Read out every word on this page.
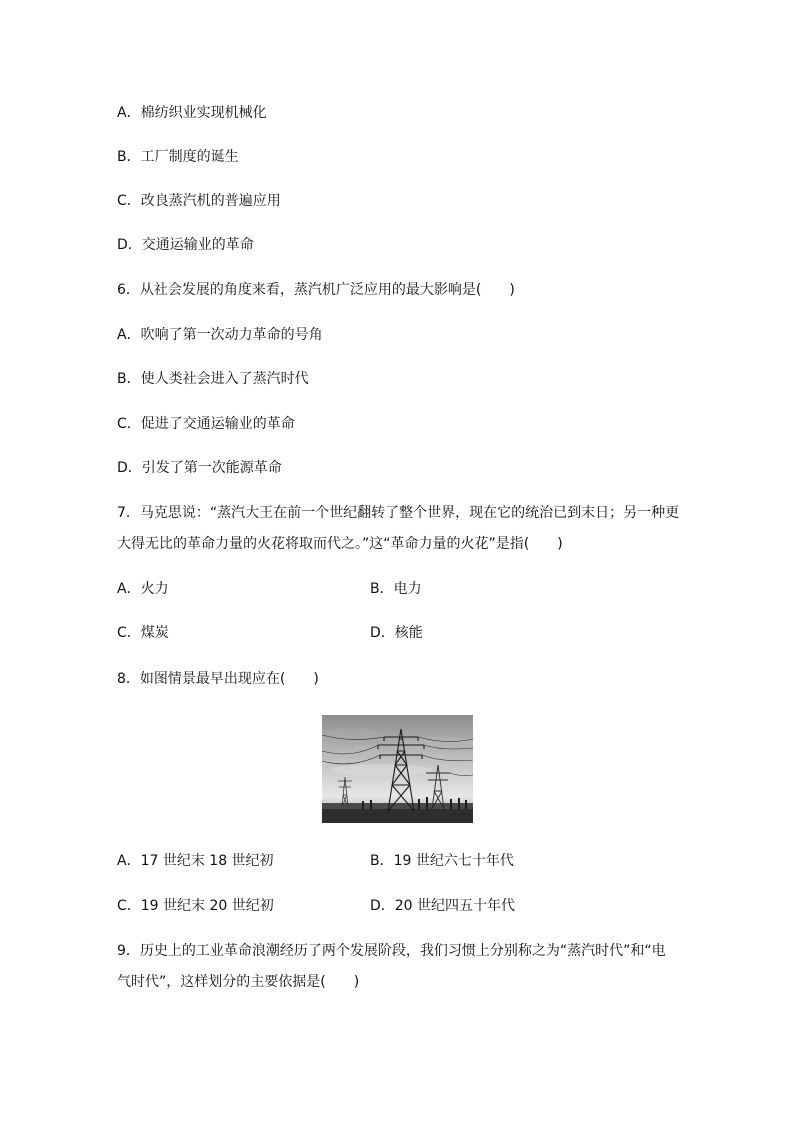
A．棉纺织业实现机械化
B．工厂制度的诞生
C．改良蒸汽机的普遍应用
D．交通运输业的革命
6．从社会发展的角度来看，蒸汽机广泛应用的最大影响是(　　)
A．吹响了第一次动力革命的号角
B．使人类社会进入了蒸汽时代
C．促进了交通运输业的革命
D．引发了第一次能源革命
7．马克思说：“蒸汽大王在前一个世纪翻转了整个世界，现在它的统治已到末日；另一种更
大得无比的革命力量的火花将取而代之。”这“革命力量的火花”是指(　　)
A．火力	B．电力
C．煤炭	D．核能
8．如图情景最早出现应在(　　)
A．17 世纪末 18 世纪初	B．19 世纪六七十年代
C．19 世纪末 20 世纪初	D．20 世纪四五十年代
9．历史上的工业革命浪潮经历了两个发展阶段，我们习惯上分别称之为“蒸汽时代”和“电
气时代”，这样划分的主要依据是(　　)
